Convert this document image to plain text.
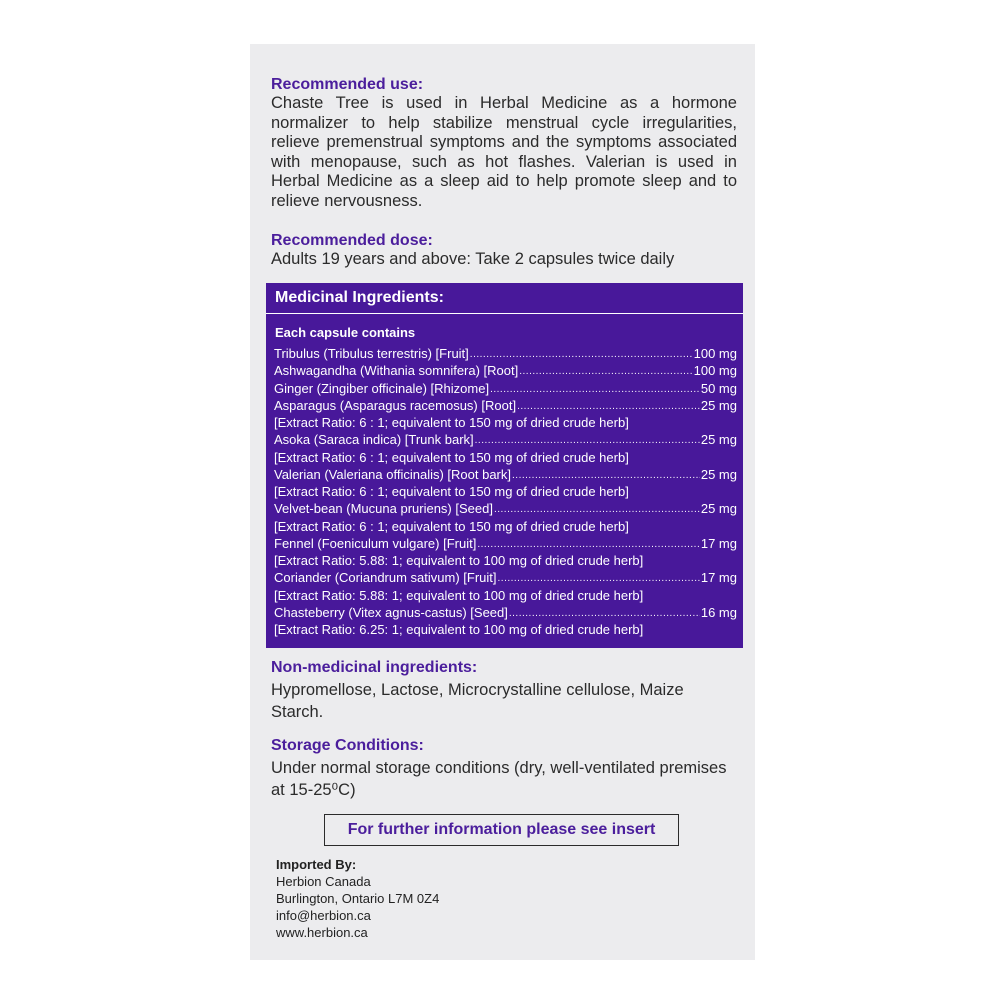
Recommended use:
Chaste Tree is used in Herbal Medicine as a hormone normalizer to help stabilize menstrual cycle irregularities, relieve premenstrual symptoms and the symptoms associated with menopause, such as hot flashes. Valerian is used in Herbal Medicine as a sleep aid to help promote sleep and to relieve nervousness.
Recommended dose:
Adults 19 years and above: Take 2 capsules twice daily
Medicinal Ingredients:
Each capsule contains
Tribulus (Tribulus terrestris) [Fruit] .....	100 mg
Ashwagandha (Withania somnifera) [Root] .....	100 mg
Ginger (Zingiber officinale) [Rhizome] .....	50 mg
Asparagus (Asparagus racemosus) [Root] .....	25 mg
[Extract Ratio: 6 : 1; equivalent to 150 mg of dried crude herb]
Asoka (Saraca indica) [Trunk bark] .....	25 mg
[Extract Ratio: 6 : 1; equivalent to 150 mg of dried crude herb]
Valerian (Valeriana officinalis) [Root bark] .....	25 mg
[Extract Ratio: 6 : 1; equivalent to 150 mg of dried crude herb]
Velvet-bean (Mucuna pruriens) [Seed] .....	25 mg
[Extract Ratio: 6 : 1; equivalent to 150 mg of dried crude herb]
Fennel (Foeniculum vulgare) [Fruit] .....	17 mg
[Extract Ratio: 5.88: 1; equivalent to 100 mg of dried crude herb]
Coriander (Coriandrum sativum) [Fruit] .....	17 mg
[Extract Ratio: 5.88: 1; equivalent to 100 mg of dried crude herb]
Chasteberry (Vitex agnus-castus) [Seed] .....	16 mg
[Extract Ratio: 6.25: 1; equivalent to 100 mg of dried crude herb]
Non-medicinal ingredients:
Hypromellose, Lactose, Microcrystalline cellulose, Maize Starch.
Storage Conditions:
Under normal storage conditions (dry, well-ventilated premises at 15-25⁰C)
For further information please see insert
Imported By:
Herbion Canada
Burlington, Ontario L7M 0Z4
info@herbion.ca
www.herbion.ca
